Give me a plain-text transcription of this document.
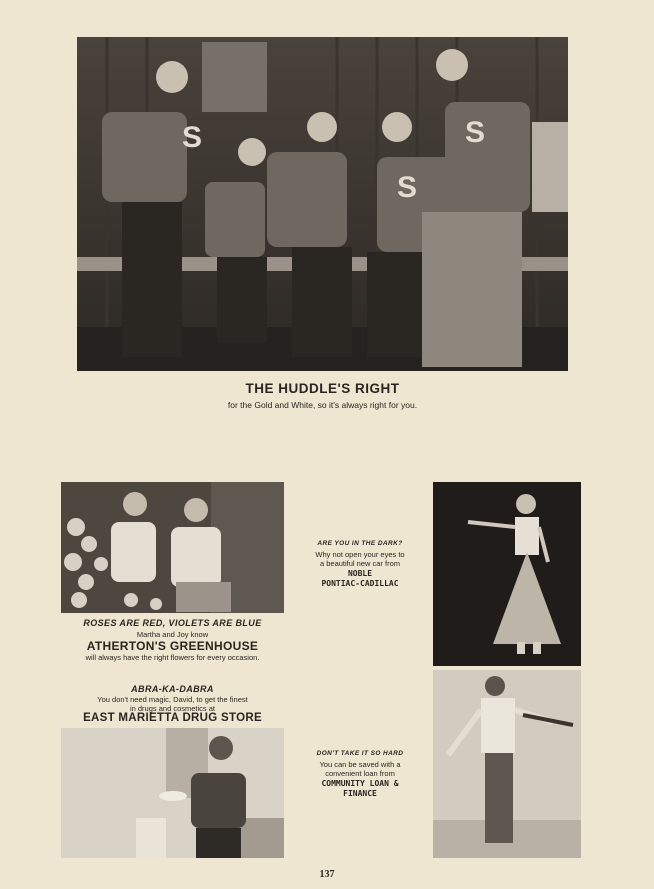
S
S
S

THE HUDDLE'S RIGHT

for the Gold and White, so it's always right for you.

ROSES ARE RED, VIOLETS ARE BLUE

Martha and Joy know

ATHERTON'S GREENHOUSE

will always have the right flowers for every occasion.

ABRA-KA-DABRA

You don't need magic, David, to get the finest

in drugs and cosmetics at

EAST MARIETTA DRUG STORE

ARE YOU IN THE DARK?

Why not open your eyes to

a beautiful new car from

NOBLE

PONTIAC-CADILLAC

DON'T TAKE IT SO HARD

You can be saved with a

convenient loan from

COMMUNITY LOAN &

FINANCE

137
